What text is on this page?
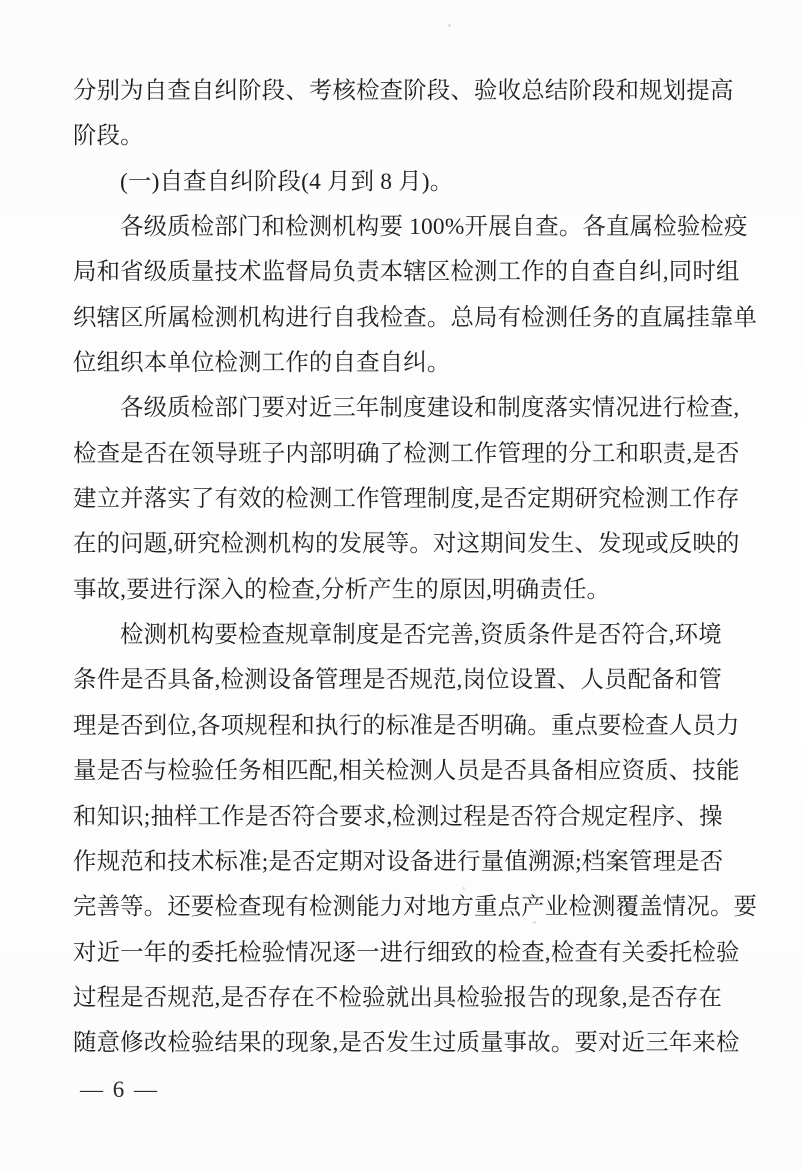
分别为自查自纠阶段、考核检查阶段、验收总结阶段和规划提高
阶段。
(一)自查自纠阶段(4 月到 8 月)。
各级质检部门和检测机构要 100%开展自查。各直属检验检疫
局和省级质量技术监督局负责本辖区检测工作的自查自纠,同时组
织辖区所属检测机构进行自我检查。总局有检测任务的直属挂靠单
位组织本单位检测工作的自查自纠。
各级质检部门要对近三年制度建设和制度落实情况进行检查,
检查是否在领导班子内部明确了检测工作管理的分工和职责,是否
建立并落实了有效的检测工作管理制度,是否定期研究检测工作存
在的问题,研究检测机构的发展等。对这期间发生、发现或反映的
事故,要进行深入的检查,分析产生的原因,明确责任。
检测机构要检查规章制度是否完善,资质条件是否符合,环境
条件是否具备,检测设备管理是否规范,岗位设置、人员配备和管
理是否到位,各项规程和执行的标准是否明确。重点要检查人员力
量是否与检验任务相匹配,相关检测人员是否具备相应资质、技能
和知识;抽样工作是否符合要求,检测过程是否符合规定程序、操
作规范和技术标准;是否定期对设备进行量值溯源;档案管理是否
完善等。还要检查现有检测能力对地方重点产业检测覆盖情况。要
对近一年的委托检验情况逐一进行细致的检查,检查有关委托检验
过程是否规范,是否存在不检验就出具检验报告的现象,是否存在
随意修改检验结果的现象,是否发生过质量事故。要对近三年来检
— 6 —
